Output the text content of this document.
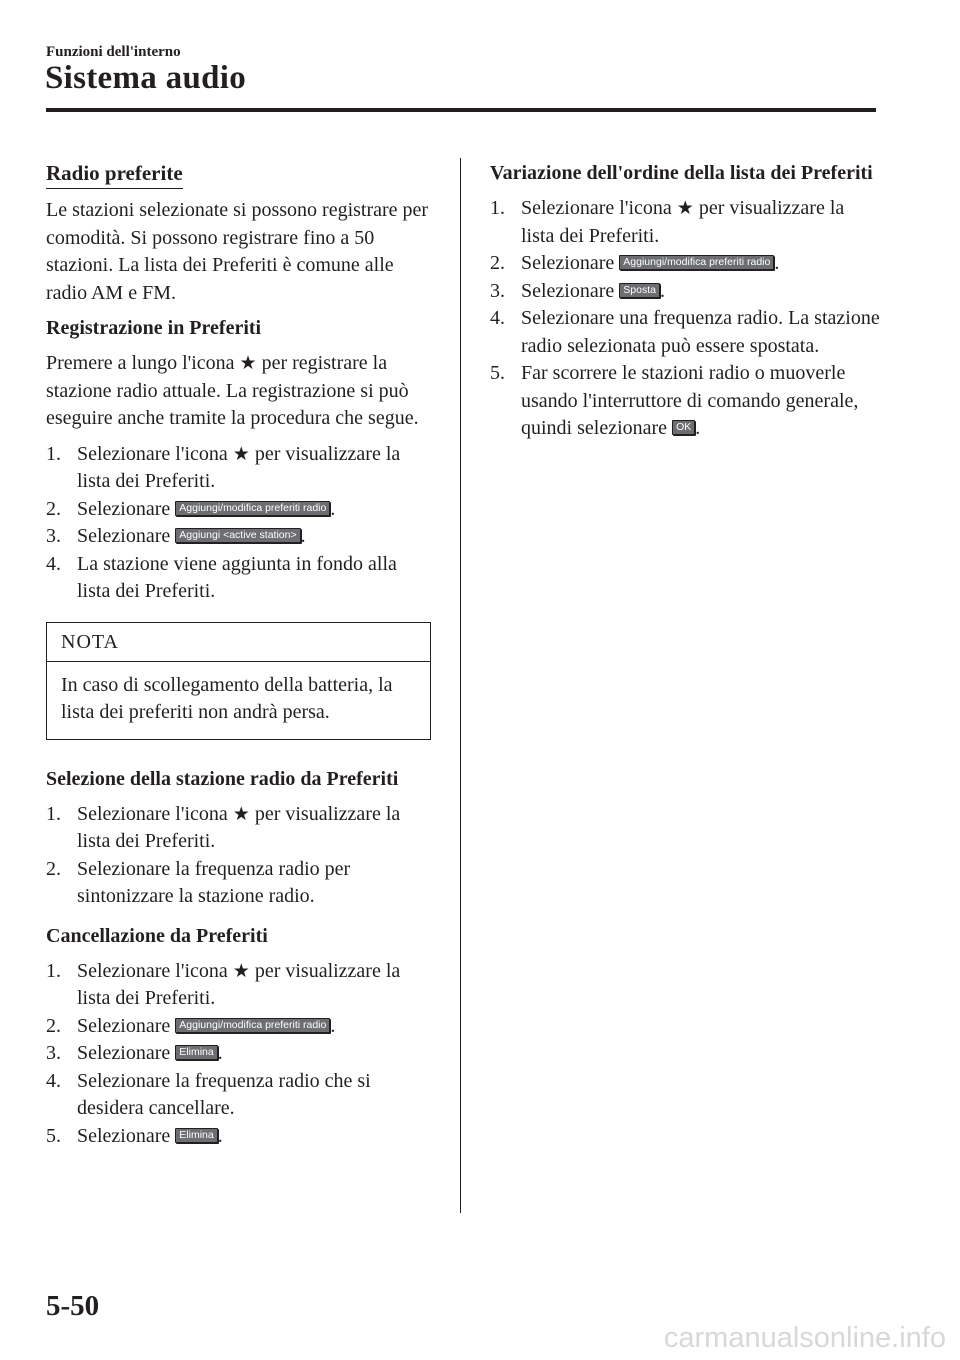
Funzioni dell'interno
Sistema audio
Radio preferite

Le stazioni selezionate si possono registrare per comodità. Si possono registrare fino a 50 stazioni. La lista dei Preferiti è comune alle radio AM e FM.

Registrazione in Preferiti

Premere a lungo l'icona ★ per registrare la stazione radio attuale. La registrazione si può eseguire anche tramite la procedura che segue.

1. Selezionare l'icona ★ per visualizzare la lista dei Preferiti.
2. Selezionare Aggiungi/modifica preferiti radio .
3. Selezionare Aggiungi <active station> .
4. La stazione viene aggiunta in fondo alla lista dei Preferiti.
NOTA
In caso di scollegamento della batteria, la lista dei preferiti non andrà persa.

Selezione della stazione radio da Preferiti

1. Selezionare l'icona ★ per visualizzare la lista dei Preferiti.
2. Selezionare la frequenza radio per sintonizzare la stazione radio.

Cancellazione da Preferiti

1. Selezionare l'icona ★ per visualizzare la lista dei Preferiti.
2. Selezionare Aggiungi/modifica preferiti radio .
3. Selezionare Elimina .
4. Selezionare la frequenza radio che si desidera cancellare.
5. Selezionare Elimina .

Variazione dell'ordine della lista dei Preferiti

1. Selezionare l'icona ★ per visualizzare la lista dei Preferiti.
2. Selezionare Aggiungi/modifica preferiti radio .
3. Selezionare Sposta .
4. Selezionare una frequenza radio. La stazione radio selezionata può essere spostata.
5. Far scorrere le stazioni radio o muoverle usando l'interruttore di comando generale, quindi selezionare OK .
5-50
carmanualsonline.info
